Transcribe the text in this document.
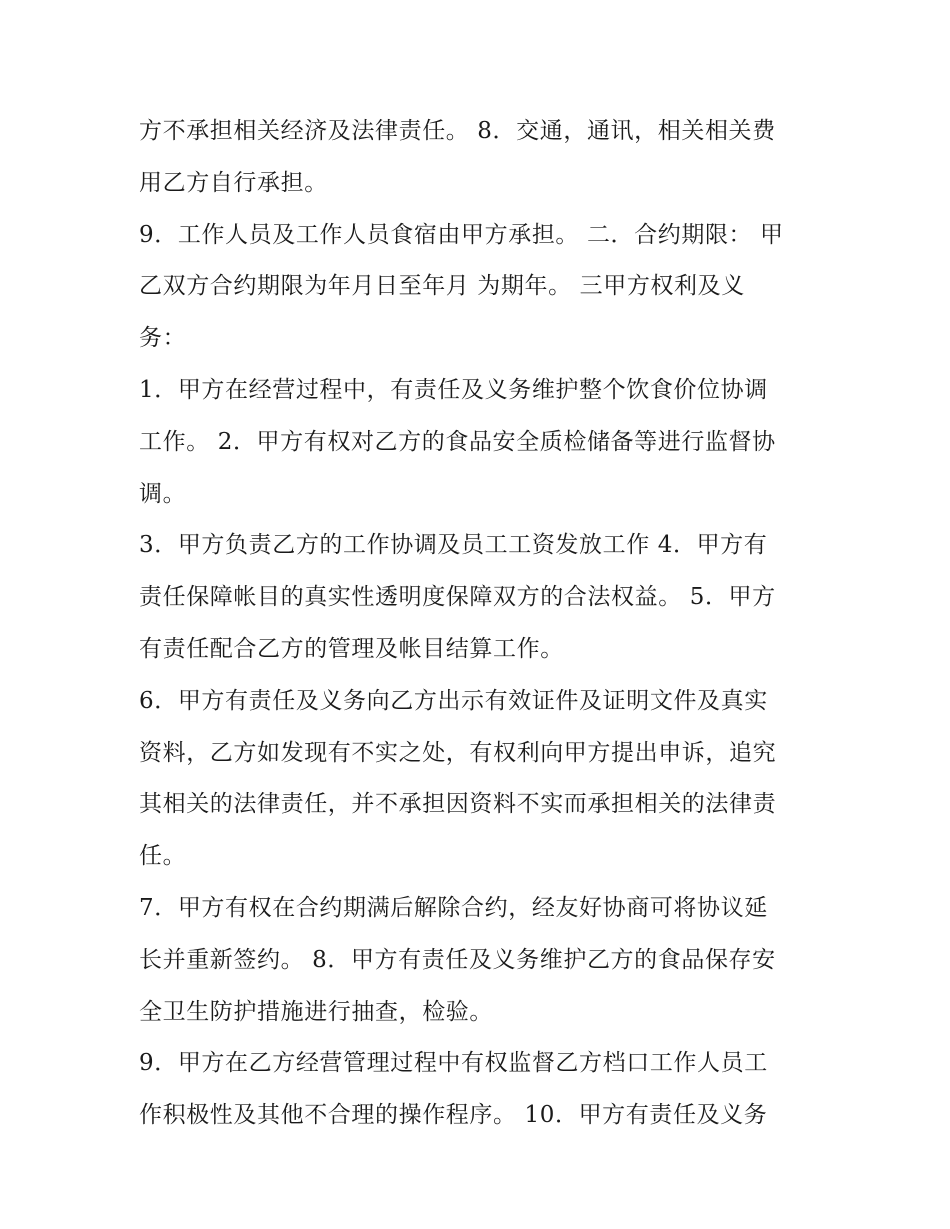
方不承担相关经济及法律责任。 8．交通，通讯，相关相关费
用乙方自行承担。
9．工作人员及工作人员食宿由甲方承担。 二．合约期限： 甲
乙双方合约期限为年月日至年月 为期年。 三甲方权利及义
务：
1．甲方在经营过程中，有责任及义务维护整个饮食价位协调
工作。 2．甲方有权对乙方的食品安全质检储备等进行监督协
调。
3．甲方负责乙方的工作协调及员工工资发放工作 4．甲方有
责任保障帐目的真实性透明度保障双方的合法权益。 5．甲方
有责任配合乙方的管理及帐目结算工作。
6．甲方有责任及义务向乙方出示有效证件及证明文件及真实
资料，乙方如发现有不实之处，有权利向甲方提出申诉，追究
其相关的法律责任，并不承担因资料不实而承担相关的法律责
任。
7．甲方有权在合约期满后解除合约，经友好协商可将协议延
长并重新签约。 8．甲方有责任及义务维护乙方的食品保存安
全卫生防护措施进行抽查，检验。
9．甲方在乙方经营管理过程中有权监督乙方档口工作人员工
作积极性及其他不合理的操作程序。 10．甲方有责任及义务
